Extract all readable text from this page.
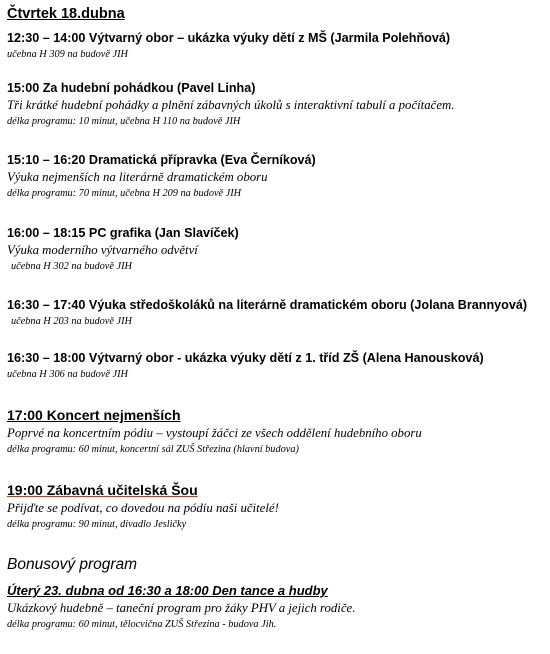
Čtvrtek 18.dubna
12:30 – 14:00 Výtvarný obor – ukázka výuky dětí z MŠ (Jarmila Polehňová)
učebna H 309 na budově JIH
15:00 Za hudební pohádkou (Pavel Linha)
Tři krátké hudební pohádky a plnění zábavných úkolů s interaktivní tabulí a počítačem.
délka programu: 10 minut, učebna H 110 na budově JIH
15:10 – 16:20 Dramatická přípravka (Eva Černíková)
Výuka nejmenších na literárně dramatickém oboru
délka programu: 70 minut, učebna H 209 na budově JIH
16:00 – 18:15 PC grafika (Jan Slavíček)
Výuka moderního výtvarného odvětví
učebna H 302 na budově JIH
16:30 – 17:40 Výuka středoškoláků na literárně dramatickém oboru (Jolana Brannyová)
učebna H 203 na budově JIH
16:30 – 18:00 Výtvarný obor - ukázka výuky dětí z 1. tříd ZŠ (Alena Hanousková)
učebna H 306 na budově JIH
17:00 Koncert nejmenších
Poprvé na koncertním pódiu – vystoupí žáčci ze všech oddělení hudebního oboru
délka programu: 60 minut, koncertní sál ZUŠ Střezina (hlavní budova)
19:00 Zábavná učitelská Šou
Přijďte se podívat, co dovedou na pódiu naši učitelé!
délka programu: 90 minut, divadlo Jesličky
Bonusový program
Úterý 23. dubna od 16:30 a 18:00 Den tance a hudby
Ukázkový hudebně – taneční program pro žáky PHV a jejich rodiče.
délka programu: 60 minut, tělocvična ZUŠ Střezina - budova Jih.
